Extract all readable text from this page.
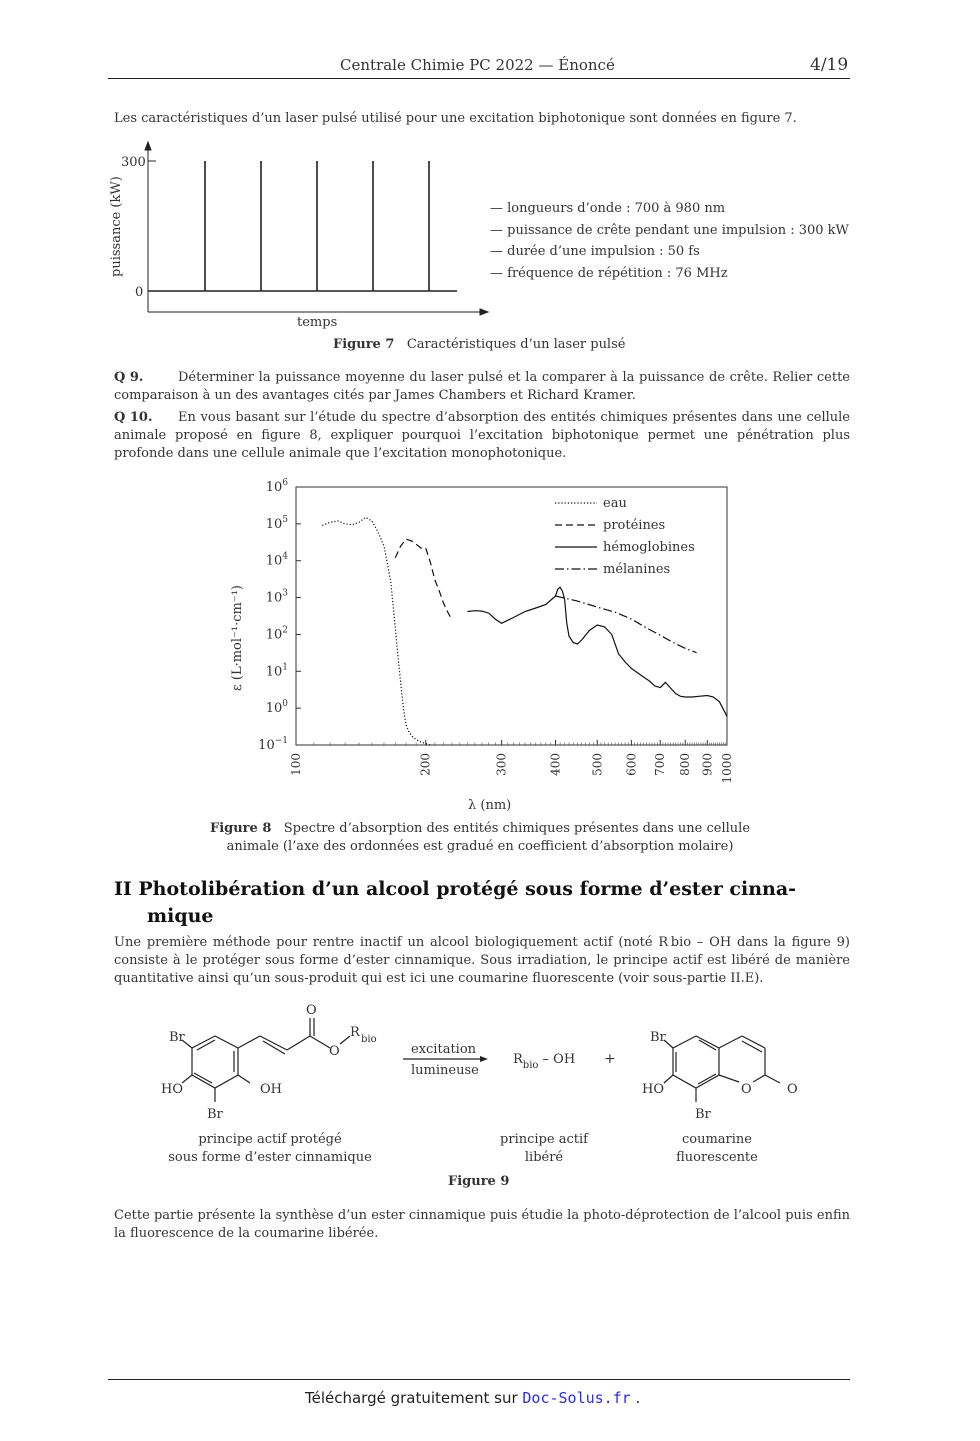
Centrale Chimie PC 2022 — Énoncé	4/19
Les caractéristiques d’un laser pulsé utilisé pour une excitation biphotonique sont données en figure 7.
300
0
puissance (kW)
temps
— longueurs d’onde : 700 à 980 nm
— puissance de crête pendant une impulsion : 300 kW
— durée d’une impulsion : 50 fs
— fréquence de répétition : 76 MHz
Figure 7 Caractéristiques d’un laser pulsé
Q 9.	Déterminer la puissance moyenne du laser pulsé et la comparer à la puissance de crête. Relier cette comparaison à un des avantages cités par James Chambers et Richard Kramer.
Q 10. En vous basant sur l’étude du spectre d’absorption des entités chimiques présentes dans une cellule animale proposé en figure 8, expliquer pourquoi l’excitation biphotonique permet une pénétration plus profonde dans une cellule animale que l’excitation monophotonique.
$10^6$
$10^5$
$10^4$
$10^3$
$10^2$
$10^1$
$10^0$
$10^{-1}$
100	200	300	400 500 600 700 800 900 1000
eau
protéines
hémoglobines
mélanines
ε (L·mol⁻¹·cm⁻¹)
λ (nm)
Figure 8 Spectre d’absorption des entités chimiques présentes dans une cellule
animale (l’axe des ordonnées est gradué en coefficient d’absorption molaire)
II Photolibération d’un alcool protégé sous forme d’ester cinna-
mique
Une première méthode pour rentre inactif un alcool biologiquement actif (noté R bio – OH dans la figure 9) consiste à le protéger sous forme d’ester cinnamique. Sous irradiation, le principe actif est libéré de manière quantitative ainsi qu’un sous-produit qui est ici une coumarine fluorescente (voir sous-partie II.E).
Br
HO
Br
OH
O
O
R bio
excitation
lumineuse
$R_{bio}$ – OH +
Br
HO
Br
O	O
principe actif protégé
sous forme d’ester cinnamique
principe actif
libéré
coumarine
fluorescente
Figure 9
Cette partie présente la synthèse d’un ester cinnamique puis étudie la photo-déprotection de l’alcool puis enfin la fluorescence de la coumarine libérée.
Téléchargé gratuitement sur Doc-Solus.fr .
